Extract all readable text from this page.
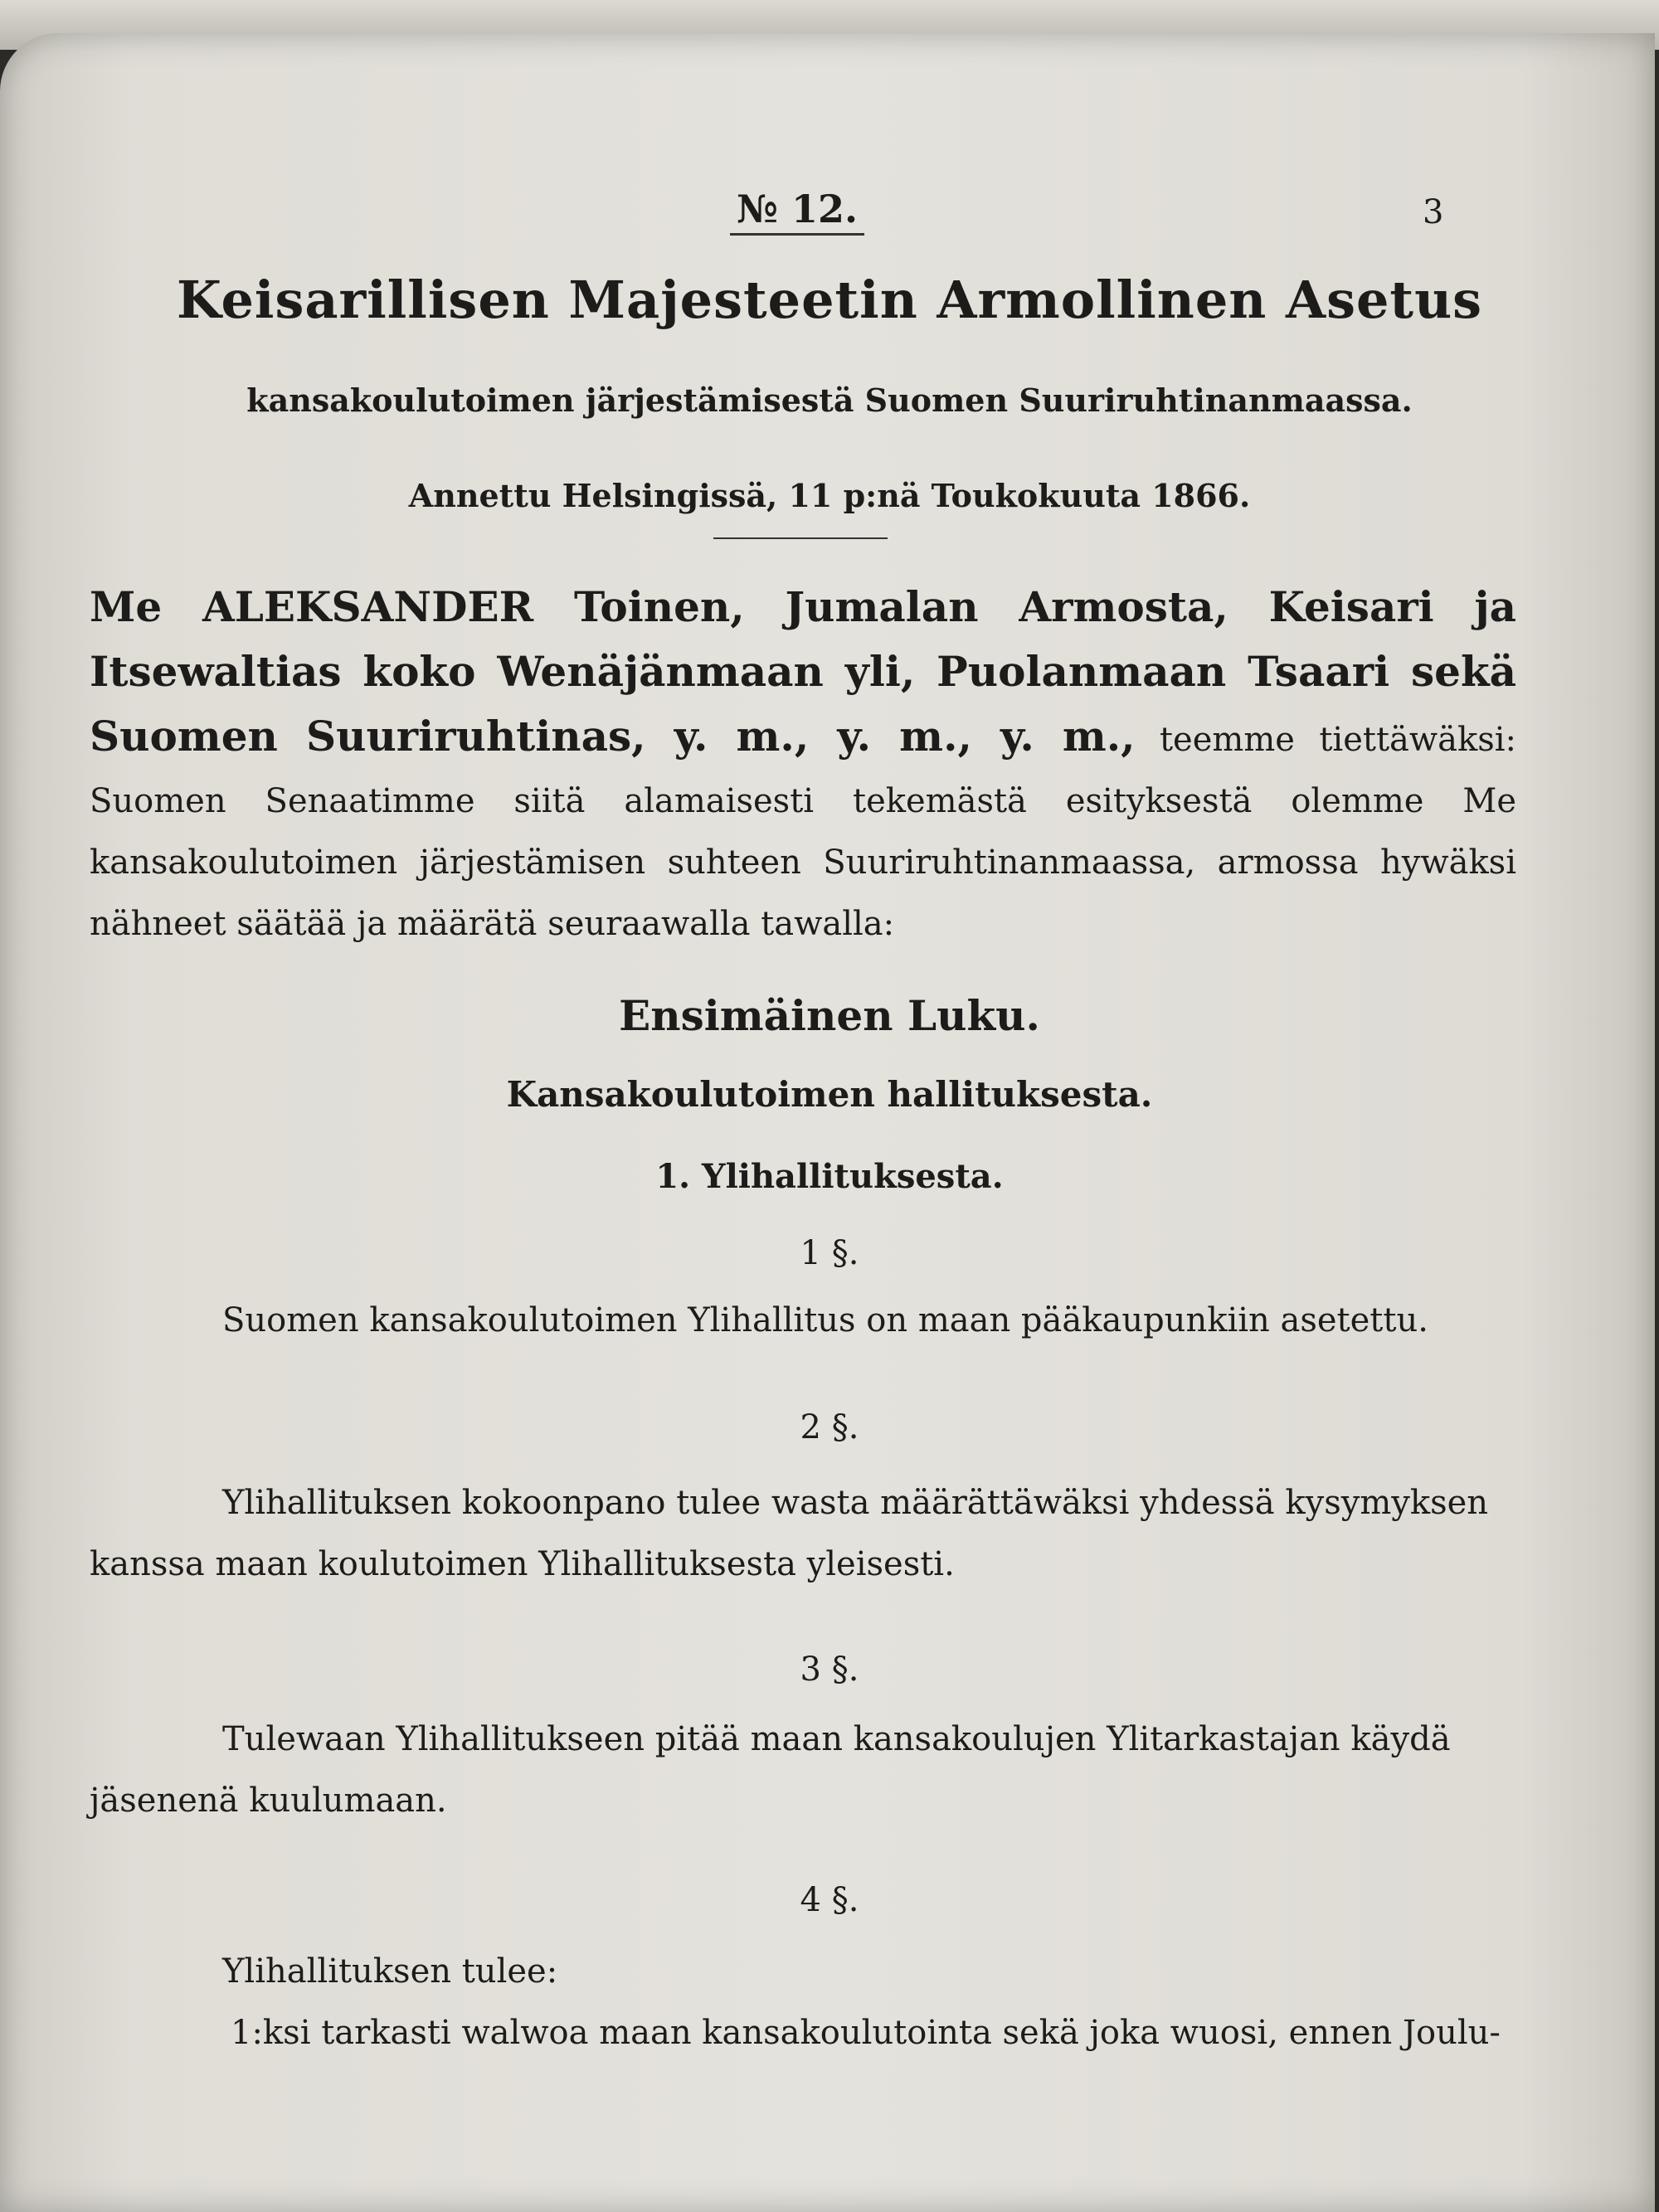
№ 12.	3
Keisarillisen Majesteetin Armollinen Asetus
kansakoulutoimen järjestämisestä Suomen Suuriruhtinanmaassa.
Annettu Helsingissä, 11 p:nä Toukokuuta 1866.
Me ALEKSANDER Toinen, Jumalan Armosta, Keisari ja Itsewaltias koko Wenäjänmaan yli, Puolanmaan Tsaari sekä Suomen Suuriruhtinas, y. m., y. m., y. m., teemme tiettäwäksi: Suomen Senaatimme siitä alamaisesti tekemästä esityksestä olemme Me kansakoulutoimen järjestämisen suhteen Suuriruhtinanmaassa, armossa hywäksi nähneet säätää ja määrätä seuraawalla tawalla:
Ensimäinen Luku.
Kansakoulutoimen hallituksesta.
1. Ylihallituksesta.
1 §.
Suomen kansakoulutoimen Ylihallitus on maan pääkaupunkiin asetettu.
2 §.
Ylihallituksen kokoonpano tulee wasta määrättäwäksi yhdessä kysymyksen kanssa maan koulutoimen Ylihallituksesta yleisesti.
3 §.
Tulewaan Ylihallitukseen pitää maan kansakoulujen Ylitarkastajan käydä jäsenenä kuulumaan.
4 §.
Ylihallituksen tulee:
1:ksi tarkasti walwoa maan kansakoulutointa sekä joka wuosi, ennen Joulu-
